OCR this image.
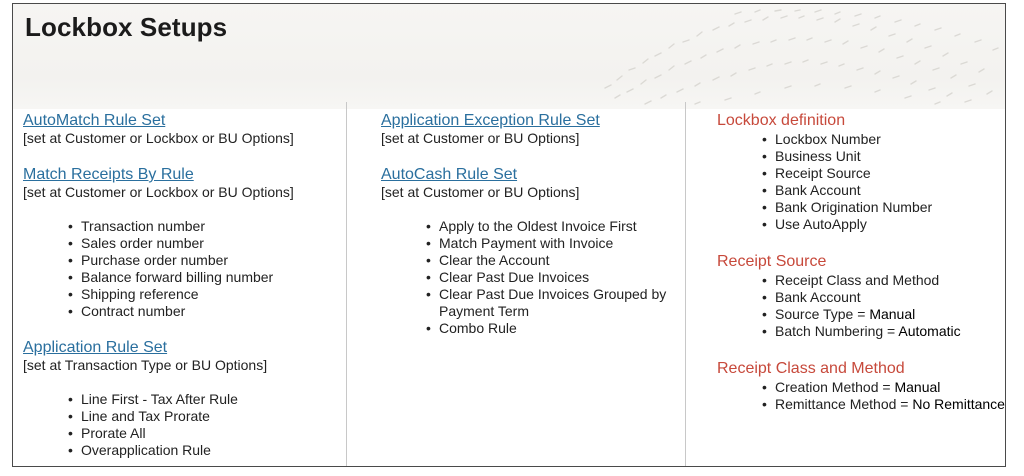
Lockbox Setups
AutoMatch Rule Set
[set at Customer or Lockbox or BU Options]
Match Receipts By Rule
[set at Customer or Lockbox or BU Options]
• Transaction number
• Sales order number
• Purchase order number
• Balance forward billing number
• Shipping reference
• Contract number
Application Rule Set
[set at Transaction Type or BU Options]
• Line First - Tax After Rule
• Line and Tax Prorate
• Prorate All
• Overapplication Rule
Application Exception Rule Set
[set at Customer or BU Options]
AutoCash Rule Set
[set at Customer or BU Options]
• Apply to the Oldest Invoice First
• Match Payment with Invoice
• Clear the Account
• Clear Past Due Invoices
• Clear Past Due Invoices Grouped by Payment Term
• Combo Rule
Lockbox definition
• Lockbox Number
• Business Unit
• Receipt Source
• Bank Account
• Bank Origination Number
• Use AutoApply
Receipt Source
• Receipt Class and Method
• Bank Account
• Source Type = Manual
• Batch Numbering = Automatic
Receipt Class and Method
• Creation Method = Manual
• Remittance Method = No Remittance
